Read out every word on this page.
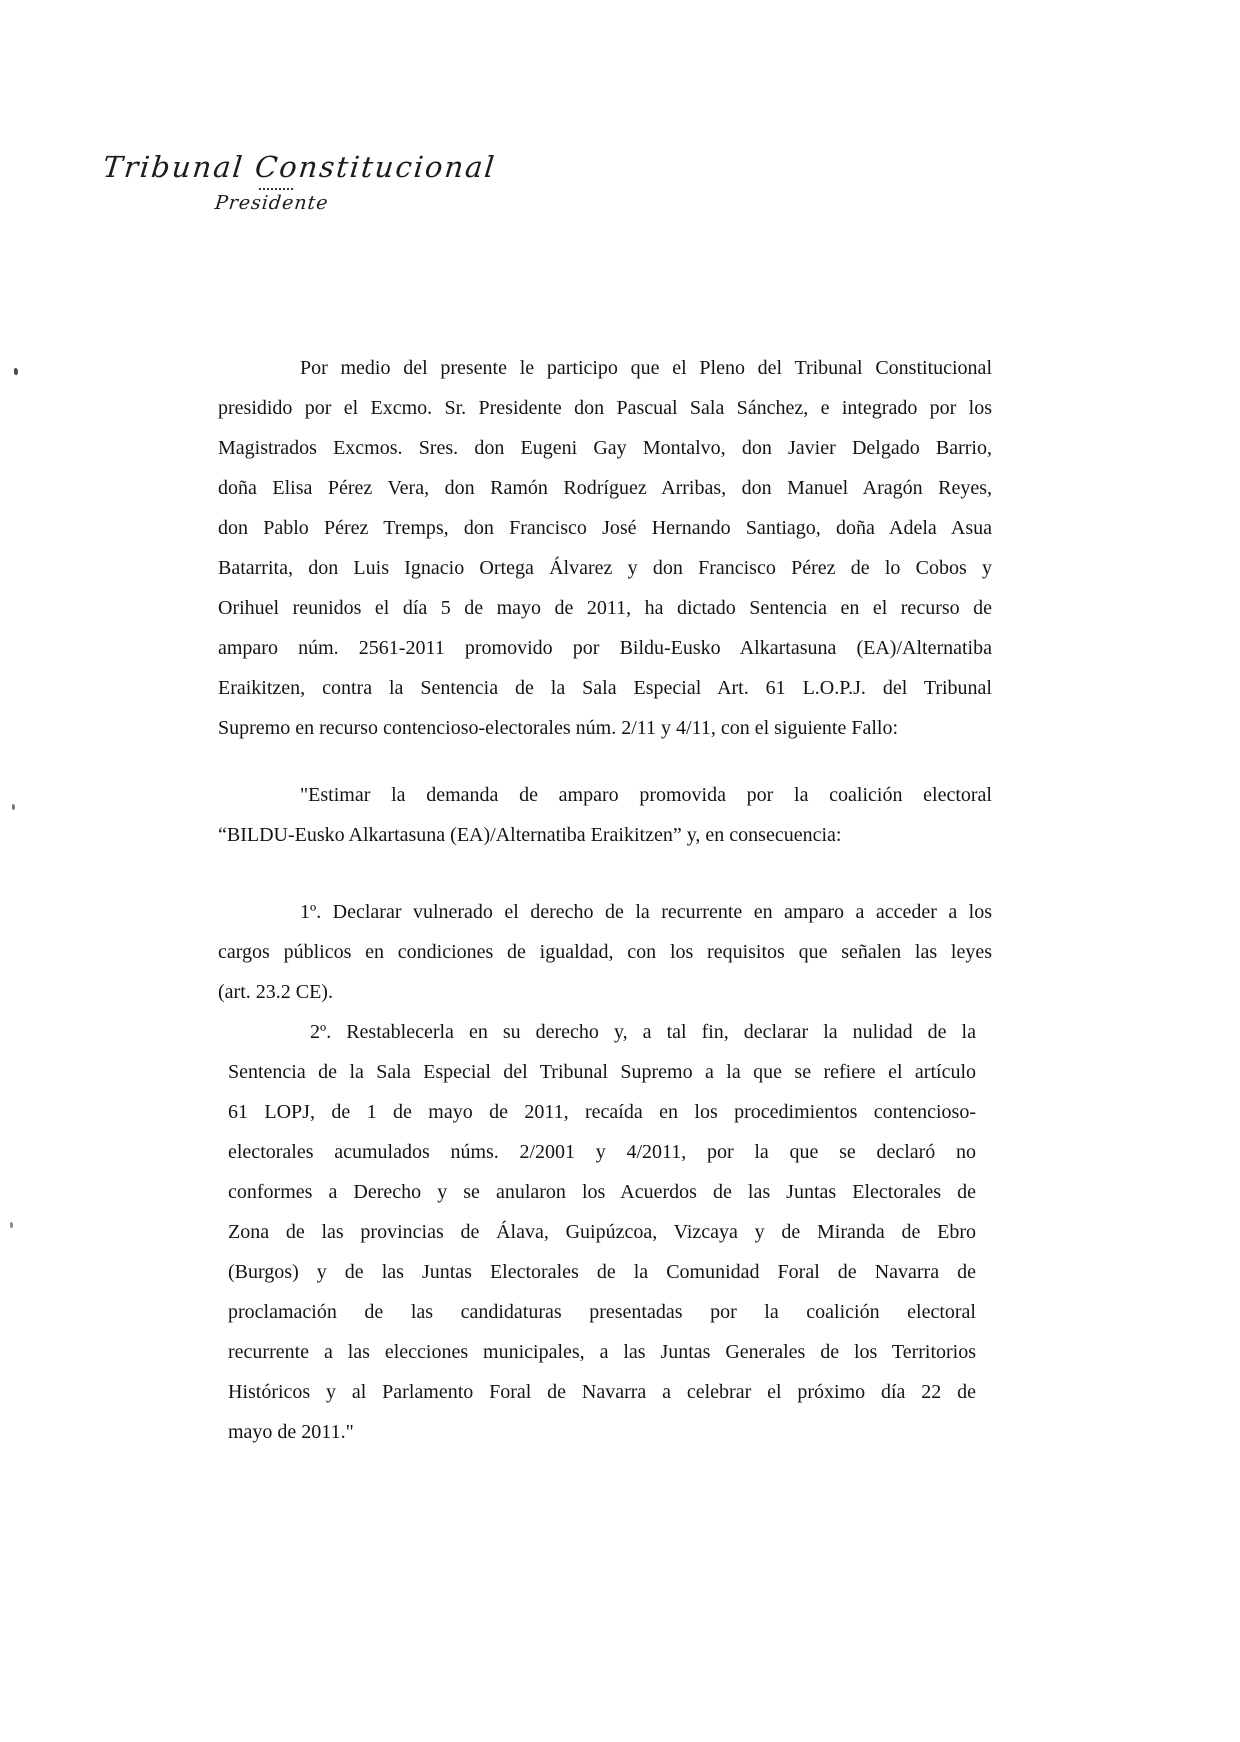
Tribunal Constitucional
Presidente

Por medio del presente le participo que el Pleno del Tribunal Constitucional
presidido por el Excmo. Sr. Presidente don Pascual Sala Sánchez, e integrado por los
Magistrados Excmos. Sres. don Eugeni Gay Montalvo, don Javier Delgado Barrio,
doña Elisa Pérez Vera, don Ramón Rodríguez Arribas, don Manuel Aragón Reyes,
don Pablo Pérez Tremps, don Francisco José Hernando Santiago, doña Adela Asua
Batarrita, don Luis Ignacio Ortega Álvarez y don Francisco Pérez de lo Cobos y
Orihuel reunidos el día 5 de mayo de 2011, ha dictado Sentencia en el recurso de
amparo núm. 2561-2011 promovido por Bildu-Eusko Alkartasuna (EA)/Alternatiba
Eraikitzen, contra la Sentencia de la Sala Especial Art. 61 L.O.P.J. del Tribunal
Supremo en recurso contencioso-electorales núm. 2/11 y 4/11, con el siguiente Fallo:

"Estimar la demanda de amparo promovida por la coalición electoral
“BILDU-Eusko Alkartasuna (EA)/Alternatiba Eraikitzen” y, en consecuencia:

1º. Declarar vulnerado el derecho de la recurrente en amparo a acceder a los
cargos públicos en condiciones de igualdad, con los requisitos que señalen las leyes
(art. 23.2 CE).

2º. Restablecerla en su derecho y, a tal fin, declarar la nulidad de la
Sentencia de la Sala Especial del Tribunal Supremo a la que se refiere el artículo
61 LOPJ, de 1 de mayo de 2011, recaída en los procedimientos contencioso-
electorales acumulados núms. 2/2001 y 4/2011, por la que se declaró no
conformes a Derecho y se anularon los Acuerdos de las Juntas Electorales de
Zona de las provincias de Álava, Guipúzcoa, Vizcaya y de Miranda de Ebro
(Burgos) y de las Juntas Electorales de la Comunidad Foral de Navarra de
proclamación de las candidaturas presentadas por la coalición electoral
recurrente a las elecciones municipales, a las Juntas Generales de los Territorios
Históricos y al Parlamento Foral de Navarra a celebrar el próximo día 22 de
mayo de 2011."
